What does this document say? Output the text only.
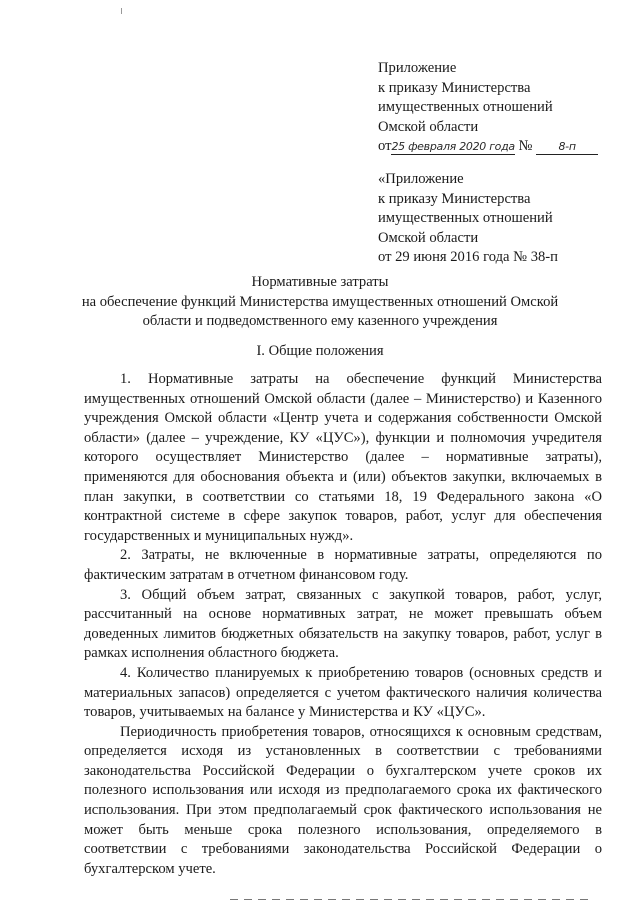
Приложение
к приказу Министерства
имущественных отношений
Омской области
от25 февраля 2020 года № 8-п
«Приложение
к приказу Министерства
имущественных отношений
Омской области
от 29 июня 2016 года № 38-п
Нормативные затраты
на обеспечение функций Министерства имущественных отношений Омской
области и подведомственного ему казенного учреждения
I. Общие положения

1. Нормативные затраты на обеспечение функций Министерства имущественных отношений Омской области (далее – Министерство) и Казенного учреждения Омской области «Центр учета и содержания собственности Омской области» (далее – учреждение, КУ «ЦУС»), функции и полномочия учредителя которого осуществляет Министерство (далее – нормативные затраты), применяются для обоснования объекта и (или) объектов закупки, включаемых в план закупки, в соответствии со статьями 18, 19 Федерального закона «О контрактной системе в сфере закупок товаров, работ, услуг для обеспечения государственных и муниципальных нужд».

2. Затраты, не включенные в нормативные затраты, определяются по фактическим затратам в отчетном финансовом году.

3. Общий объем затрат, связанных с закупкой товаров, работ, услуг, рассчитанный на основе нормативных затрат, не может превышать объем доведенных лимитов бюджетных обязательств на закупку товаров, работ, услуг в рамках исполнения областного бюджета.

4. Количество планируемых к приобретению товаров (основных средств и материальных запасов) определяется с учетом фактического наличия количества товаров, учитываемых на балансе у Министерства и КУ «ЦУС».

Периодичность приобретения товаров, относящихся к основным средствам, определяется исходя из установленных в соответствии с требованиями законодательства Российской Федерации о бухгалтерском учете сроков их полезного использования или исходя из предполагаемого срока их фактического использования. При этом предполагаемый срок фактического использования не может быть меньше срока полезного использования, определяемого в соответствии с требованиями законодательства Российской Федерации о бухгалтерском учете.
